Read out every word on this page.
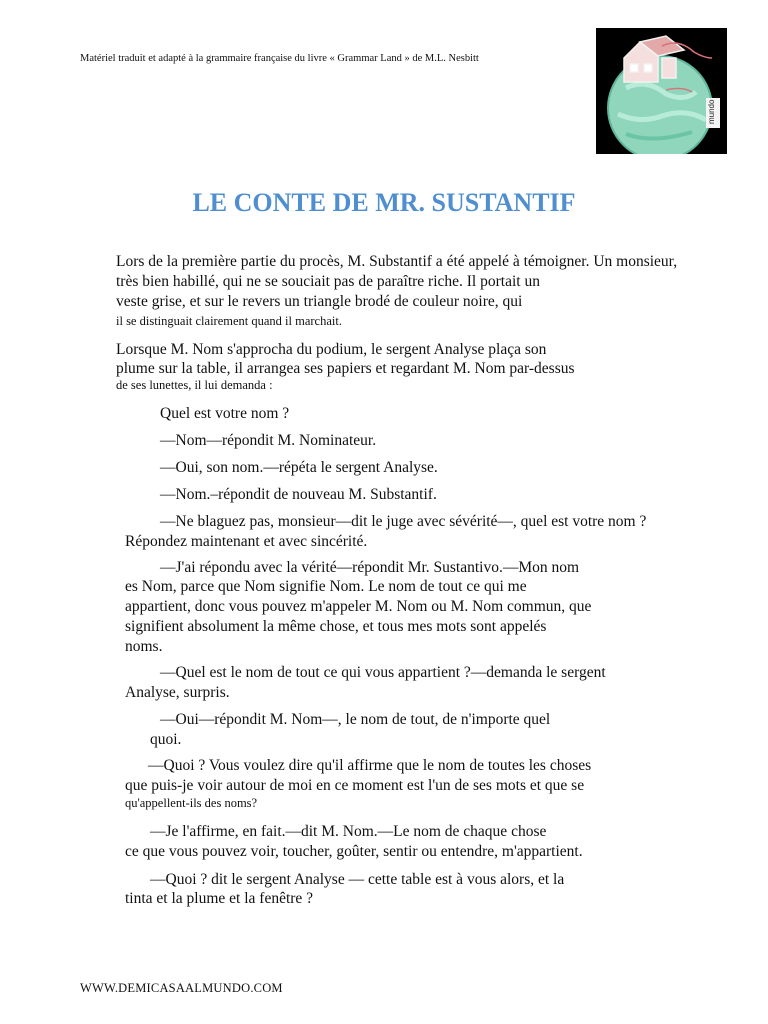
Matériel traduit et adapté à la grammaire française du livre « Grammar Land » de M.L. Nesbitt
mundo
LE CONTE DE MR. SUSTANTIF
Lors de la première partie du procès, M. Substantif a été appelé à témoigner. Un monsieur,
très bien habillé, qui ne se souciait pas de paraître riche. Il portait un
veste grise, et sur le revers un triangle brodé de couleur noire, qui
il se distinguait clairement quand il marchait.
Lorsque M. Nom s'approcha du podium, le sergent Analyse plaça son
plume sur la table, il arrangea ses papiers et regardant M. Nom par-dessus
de ses lunettes, il lui demanda :
Quel est votre nom ?
—Nom—répondit M. Nominateur.
—Oui, son nom.—répéta le sergent Analyse.
—Nom.–répondit de nouveau M. Substantif.
—Ne blaguez pas, monsieur—dit le juge avec sévérité—, quel est votre nom ?
Répondez maintenant et avec sincérité.
—J'ai répondu avec la vérité—répondit Mr. Sustantivo.—Mon nom
es Nom, parce que Nom signifie Nom. Le nom de tout ce qui me
appartient, donc vous pouvez m'appeler M. Nom ou M. Nom commun, que
signifient absolument la même chose, et tous mes mots sont appelés
noms.
—Quel est le nom de tout ce qui vous appartient ?—demanda le sergent
Analyse, surpris.
—Oui—répondit M. Nom—, le nom de tout, de n'importe quel
quoi.
—Quoi ? Vous voulez dire qu'il affirme que le nom de toutes les choses
que puis-je voir autour de moi en ce moment est l'un de ses mots et que se
qu'appellent-ils des noms?
—Je l'affirme, en fait.—dit M. Nom.—Le nom de chaque chose
ce que vous pouvez voir, toucher, goûter, sentir ou entendre, m'appartient.
—Quoi ? dit le sergent Analyse — cette table est à vous alors, et la
tinta et la plume et la fenêtre ?
WWW.DEMICASAALMUNDO.COM
